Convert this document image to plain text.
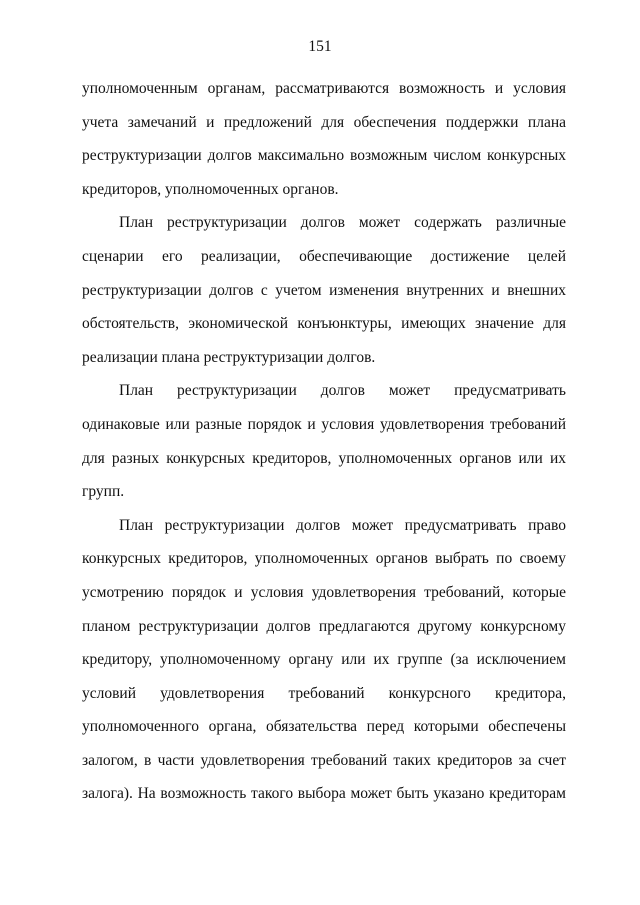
151

уполномоченным органам, рассматриваются возможность и условия учета замечаний и предложений для обеспечения поддержки плана реструктуризации долгов максимально возможным числом конкурсных кредиторов, уполномоченных органов.

План реструктуризации долгов может содержать различные сценарии его реализации, обеспечивающие достижение целей реструктуризации долгов с учетом изменения внутренних и внешних обстоятельств, экономической конъюнктуры, имеющих значение для реализации плана реструктуризации долгов.

План реструктуризации долгов может предусматривать одинаковые или разные порядок и условия удовлетворения требований для разных конкурсных кредиторов, уполномоченных органов или их групп.

План реструктуризации долгов может предусматривать право конкурсных кредиторов, уполномоченных органов выбрать по своему усмотрению порядок и условия удовлетворения требований, которые планом реструктуризации долгов предлагаются другому конкурсному кредитору, уполномоченному органу или их группе (за исключением условий удовлетворения требований конкурсного кредитора, уполномоченного органа, обязательства перед которыми обеспечены залогом, в части удовлетворения требований таких кредиторов за счет залога). На возможность такого выбора может быть указано кредиторам
